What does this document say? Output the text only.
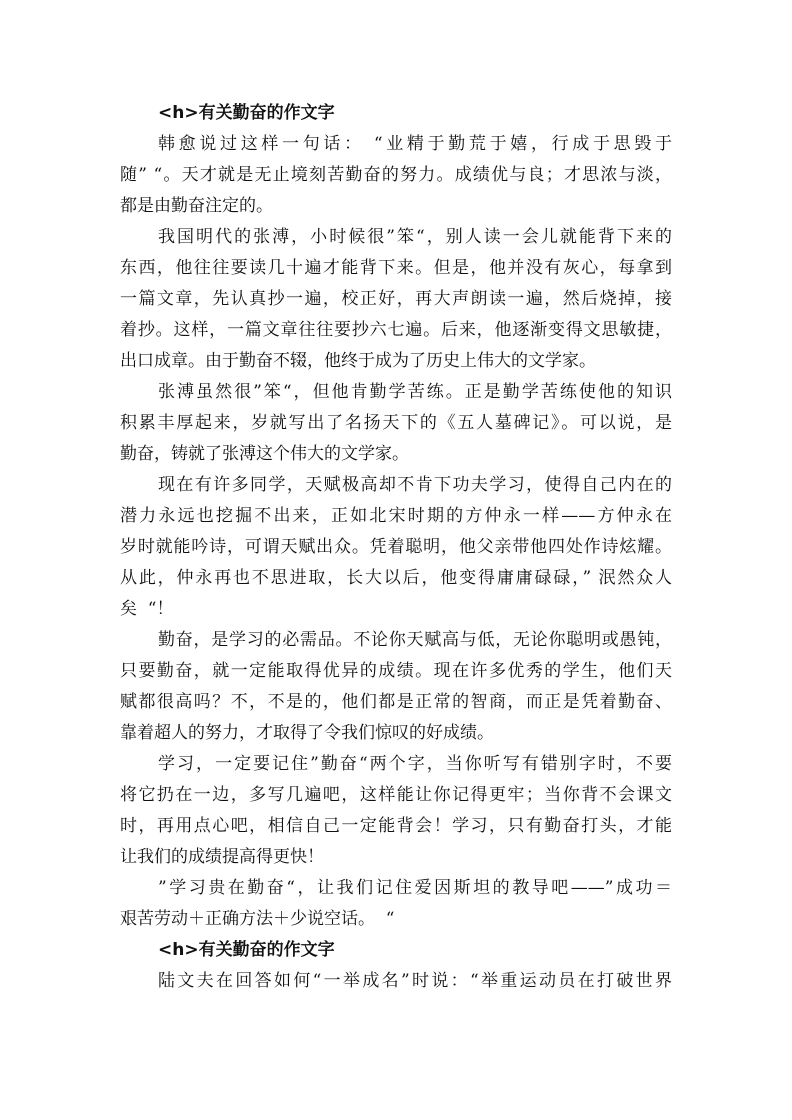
<h>有关勤奋的作文字

韩愈说过这样一句话： “业精于勤荒于嬉，行成于思毁于

随” “。天才就是无止境刻苦勤奋的努力。成绩优与良；才思浓与淡，

都是由勤奋注定的。

我国明代的张溥，小时候很”笨“，别人读一会儿就能背下来的

东西，他往往要读几十遍才能背下来。但是，他并没有灰心，每拿到

一篇文章，先认真抄一遍，校正好，再大声朗读一遍，然后烧掉，接

着抄。这样，一篇文章往往要抄六七遍。后来，他逐渐变得文思敏捷，

出口成章。由于勤奋不辍，他终于成为了历史上伟大的文学家。

张溥虽然很”笨“，但他肯勤学苦练。正是勤学苦练使他的知识

积累丰厚起来，岁就写出了名扬天下的《五人墓碑记》。可以说，是

勤奋，铸就了张溥这个伟大的文学家。

现在有许多同学，天赋极高却不肯下功夫学习，使得自己内在的

潜力永远也挖掘不出来，正如北宋时期的方仲永一样——方仲永在

岁时就能吟诗，可谓天赋出众。凭着聪明，他父亲带他四处作诗炫耀。

从此，仲永再也不思进取，长大以后，他变得庸庸碌碌，” 泯然众人

矣  “！

勤奋，是学习的必需品。不论你天赋高与低，无论你聪明或愚钝，

只要勤奋，就一定能取得优异的成绩。现在许多优秀的学生，他们天

赋都很高吗？不，不是的，他们都是正常的智商，而正是凭着勤奋、

靠着超人的努力，才取得了令我们惊叹的好成绩。

学习，一定要记住”勤奋“两个字，当你听写有错别字时，不要

将它扔在一边，多写几遍吧，这样能让你记得更牢；当你背不会课文

时，再用点心吧，相信自己一定能背会！学习，只有勤奋打头，才能

让我们的成绩提高得更快！

”学习贵在勤奋“，让我们记住爱因斯坦的教导吧——”成功＝

艰苦劳动＋正确方法＋少说空话。  “

<h>有关勤奋的作文字

陆文夫在回答如何“一举成名”时说：“举重运动员在打破世界
